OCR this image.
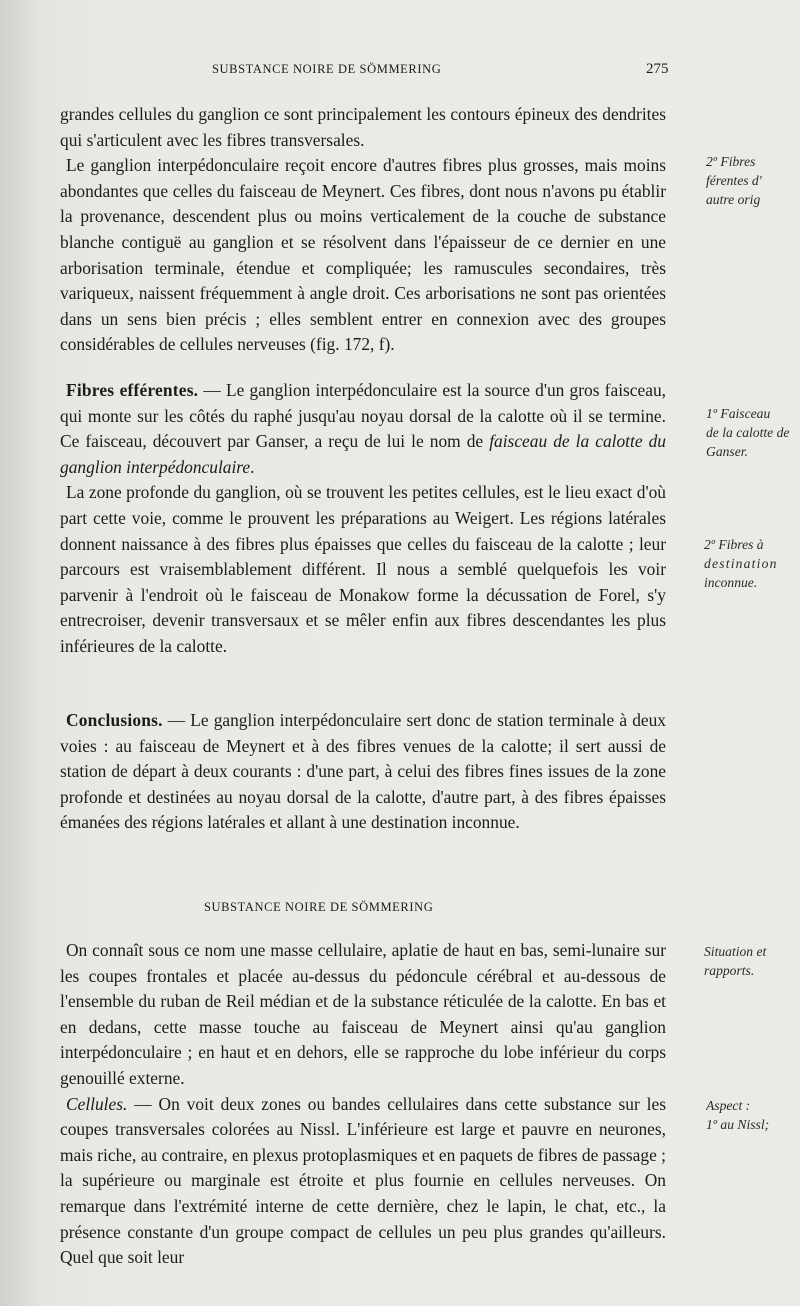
SUBSTANCE NOIRE DE SÖMMERING	275

grandes cellules du ganglion ce sont principalement les contours épineux des dendrites qui s'articulent avec les fibres transversales.

Le ganglion interpédonculaire reçoit encore d'autres fibres plus grosses, mais moins abondantes que celles du faisceau de Meynert. Ces fibres, dont nous n'avons pu établir la provenance, descendent plus ou moins verticalement de la couche de substance blanche contiguë au ganglion et se résolvent dans l'épaisseur de ce dernier en une arborisation terminale, étendue et compliquée; les ramuscules secondaires, très variqueux, naissent fréquemment à angle droit. Ces arborisations ne sont pas orientées dans un sens bien précis ; elles semblent entrer en connexion avec des groupes considérables de cellules nerveuses (fig. 172, f).

Fibres efférentes. — Le ganglion interpédonculaire est la source d'un gros faisceau, qui monte sur les côtés du raphé jusqu'au noyau dorsal de la calotte où il se termine. Ce faisceau, découvert par Ganser, a reçu de lui le nom de faisceau de la calotte du ganglion interpédonculaire.

La zone profonde du ganglion, où se trouvent les petites cellules, est le lieu exact d'où part cette voie, comme le prouvent les préparations au Weigert. Les régions latérales donnent naissance à des fibres plus épaisses que celles du faisceau de la calotte ; leur parcours est vraisemblablement différent. Il nous a semblé quelquefois les voir parvenir à l'endroit où le faisceau de Monakow forme la décussation de Forel, s'y entrecroiser, devenir transversaux et se mêler enfin aux fibres descendantes les plus inférieures de la calotte.

Conclusions. — Le ganglion interpédonculaire sert donc de station terminale à deux voies : au faisceau de Meynert et à des fibres venues de la calotte; il sert aussi de station de départ à deux courants : d'une part, à celui des fibres fines issues de la zone profonde et destinées au noyau dorsal de la calotte, d'autre part, à des fibres épaisses émanées des régions latérales et allant à une destination inconnue.

SUBSTANCE NOIRE DE SÖMMERING

On connaît sous ce nom une masse cellulaire, aplatie de haut en bas, semi-lunaire sur les coupes frontales et placée au-dessus du pédoncule cérébral et au-dessous de l'ensemble du ruban de Reil médian et de la substance réticulée de la calotte. En bas et en dedans, cette masse touche au faisceau de Meynert ainsi qu'au ganglion interpédonculaire ; en haut et en dehors, elle se rapproche du lobe inférieur du corps genouillé externe.

Cellules. — On voit deux zones ou bandes cellulaires dans cette substance sur les coupes transversales colorées au Nissl. L'inférieure est large et pauvre en neurones, mais riche, au contraire, en plexus protoplasmiques et en paquets de fibres de passage ; la supérieure ou marginale est étroite et plus fournie en cellules nerveuses. On remarque dans l'extrémité interne de cette dernière, chez le lapin, le chat, etc., la présence constante d'un groupe compact de cellules un peu plus grandes qu'ailleurs. Quel que soit leur

2º Fibres
férentes d'
autre orig
1º Faisceau
de la calotte de
Ganser.
2º Fibres à
destination
inconnue.
Situation et
rapports.
Aspect :
1º au Nissl;
